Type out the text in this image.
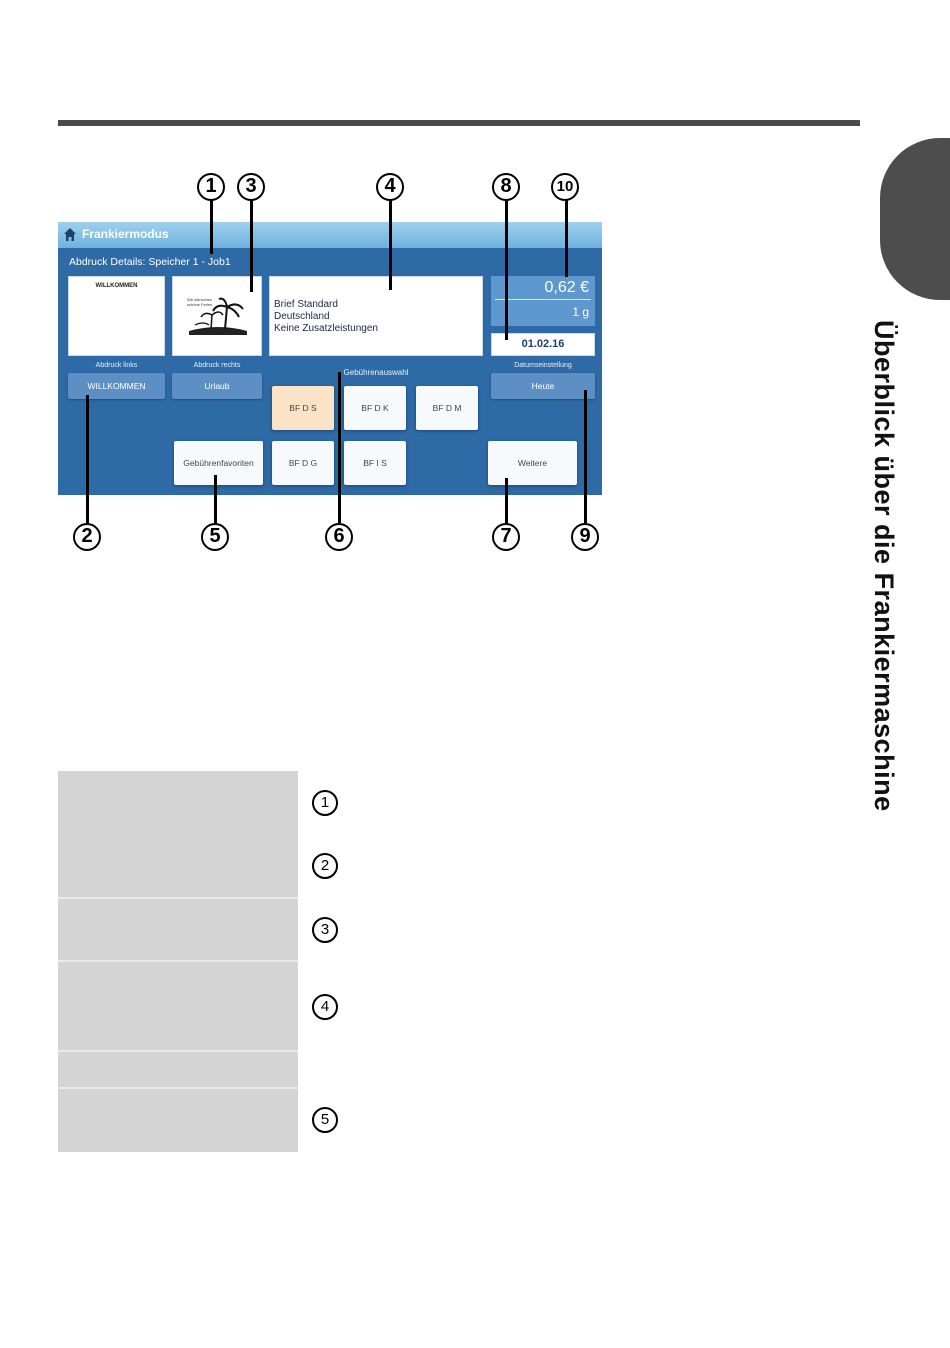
Überblick über die Frankiermaschine
Frankiermodus
Abdruck Details: Speicher 1 - Job1
WILLKOMMEN
Wir wünschen schöne Ferien	Brief Standard
Deutschland
Keine Zusatzleistungen
0,62 €
1 g
01.02.16
Abdruck links
WILLKOMMEN
Abdruck rechts
Urlaub
Gebührenauswahl
Datumseinstellung
Heute
BF D S	BF D K	BF D M
BF D G	BF I S
Gebührenfavoriten	Weitere
1	3	4	8	10
2	5	6	7	9
1
2
3
4
5
